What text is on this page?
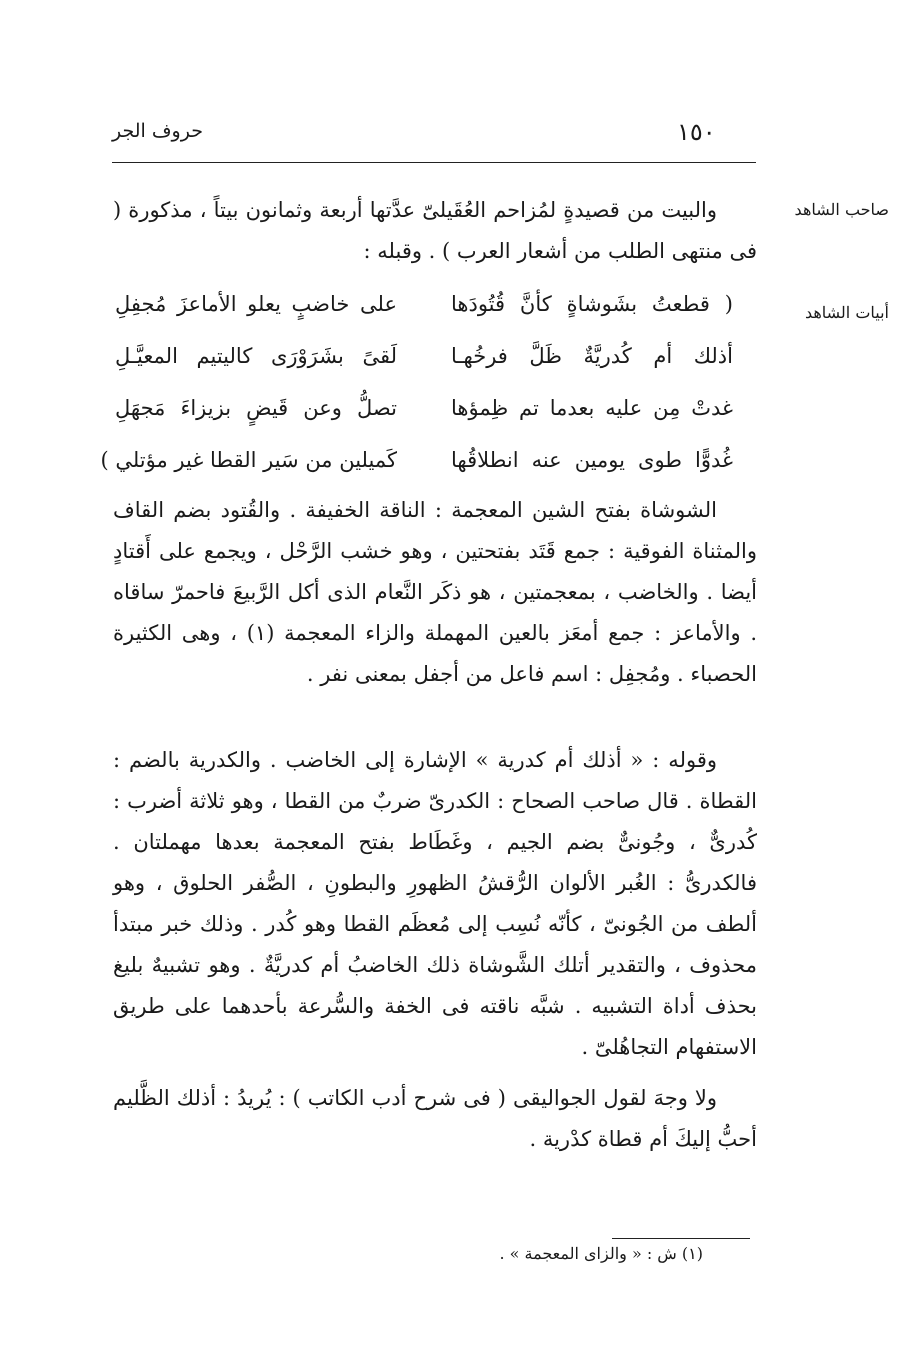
١٥٠
حروف الجر
صاحب الشاهد
أبيات الشاهد

والبيت من قصيدةٍ لمُزاحم العُقَيلىّ عدَّتها أربعة وثمانون بيتاً ، مذكورة ( فى منتهى الطلب من أشعار العرب ) . وقبله :

( قطعتُ بشَوشاةٍ كأنَّ قُتُودَها
على خاضبٍ يعلو الأماعزَ مُجفِلِ
أذلك أم كُدريَّةٌ ظَلَّ فرخُهـا
لَقىً بشَرَوْرَى كاليتيم المعيَّـلِ
غدتْ مِن عليه بعدما تم ظِمؤها
تصلُّ وعن قَيضٍ بزيزاءَ مَجهَلِ
غُدوًّا طوى يومين عنه انطلاقُها
كَميلين من سَير القطا غير مؤتلي )

الشوشاة بفتح الشين المعجمة : الناقة الخفيفة . والقُتود بضم القاف والمثناة الفوقية : جمع قَتَد بفتحتين ، وهو خشب الرَّحْل ، ويجمع على أَقتادٍ أيضا . والخاضب ، بمعجمتين ، هو ذكَر النَّعام الذى أكل الرَّبيعَ فاحمرّ ساقاه . والأماعز : جمع أمعَز بالعين المهملة والزاء المعجمة (١) ، وهى الكثيرة الحصباء . ومُجفِل : اسم فاعل من أجفل بمعنى نفر .

وقوله : « أذلك أم كدرية » الإشارة إلى الخاضب . والكدرية بالضم : القطاة . قال صاحب الصحاح : الكدرىّ ضربٌ من القطا ، وهو ثلاثة أضرب : كُدرىٌّ ، وجُونىٌّ بضم الجيم ، وغَطَاط بفتح المعجمة بعدها مهملتان . فالكدرىُّ : الغُبر الألوان الرُّقشُ الظهورِ والبطونِ ، الصُّفر الحلوق ، وهو ألطف من الجُونىّ ، كأنّه نُسِب إلى مُعظَم القطا وهو كُدر . وذلك خبر مبتدأ محذوف ، والتقدير أتلك الشَّوشاة ذلك الخاضبُ أم كدريَّةٌ . وهو تشبيهٌ بليغ بحذف أداة التشبيه . شبَّه ناقته فى الخفة والسُّرعة بأحدهما على طريق الاستفهام التجاهُلىّ .

ولا وجهَ لقول الجواليقى ( فى شرح أدب الكاتب ) : يُريدُ : أذلك الظَّليم أحبُّ إليكَ أم قطاة كدْرية .

(١) ش : « والزاى المعجمة » .
